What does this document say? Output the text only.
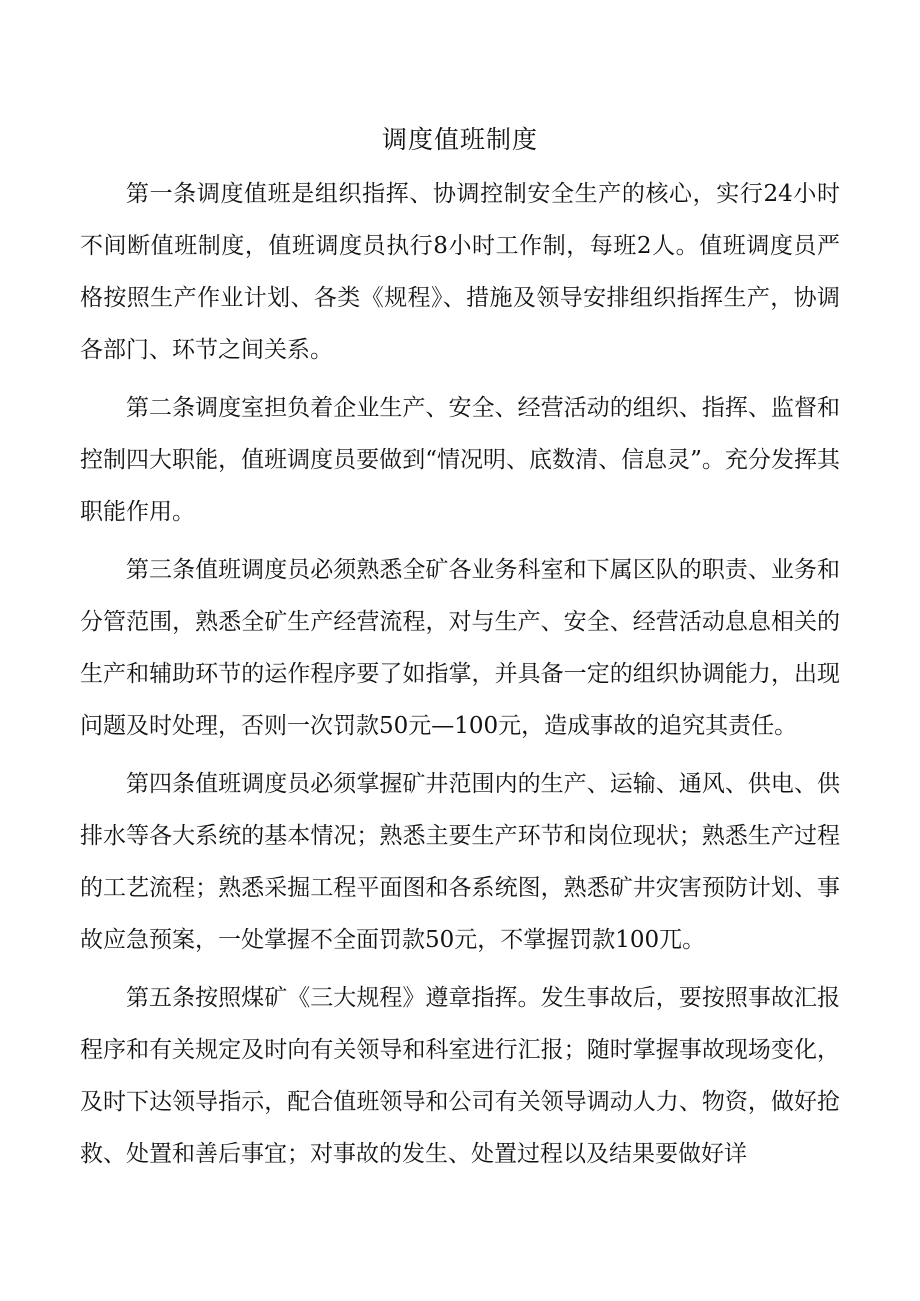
调度值班制度

第一条调度值班是组织指挥、协调控制安全生产的核心，实行24小时不间断值班制度，值班调度员执行8小时工作制，每班2人。值班调度员严格按照生产作业计划、各类《规程》、措施及领导安排组织指挥生产，协调各部门、环节之间关系。

第二条调度室担负着企业生产、安全、经营活动的组织、指挥、监督和控制四大职能，值班调度员要做到“情况明、底数清、信息灵”。充分发挥其职能作用。

第三条值班调度员必须熟悉全矿各业务科室和下属区队的职责、业务和分管范围，熟悉全矿生产经营流程，对与生产、安全、经营活动息息相关的生产和辅助环节的运作程序要了如指掌，并具备一定的组织协调能力，出现问题及时处理，否则一次罚款50元—100元，造成事故的追究其责任。

第四条值班调度员必须掌握矿井范围内的生产、运输、通风、供电、供排水等各大系统的基本情况；熟悉主要生产环节和岗位现状；熟悉生产过程的工艺流程；熟悉采掘工程平面图和各系统图，熟悉矿井灾害预防计划、事故应急预案，一处掌握不全面罚款50元，不掌握罚款100兀。

第五条按照煤矿《三大规程》遵章指挥。发生事故后，要按照事故汇报程序和有关规定及时向有关领导和科室进行汇报；随时掌握事故现场变化，及时下达领导指示，配合值班领导和公司有关领导调动人力、物资，做好抢救、处置和善后事宜；对事故的发生、处置过程以及结果要做好详
